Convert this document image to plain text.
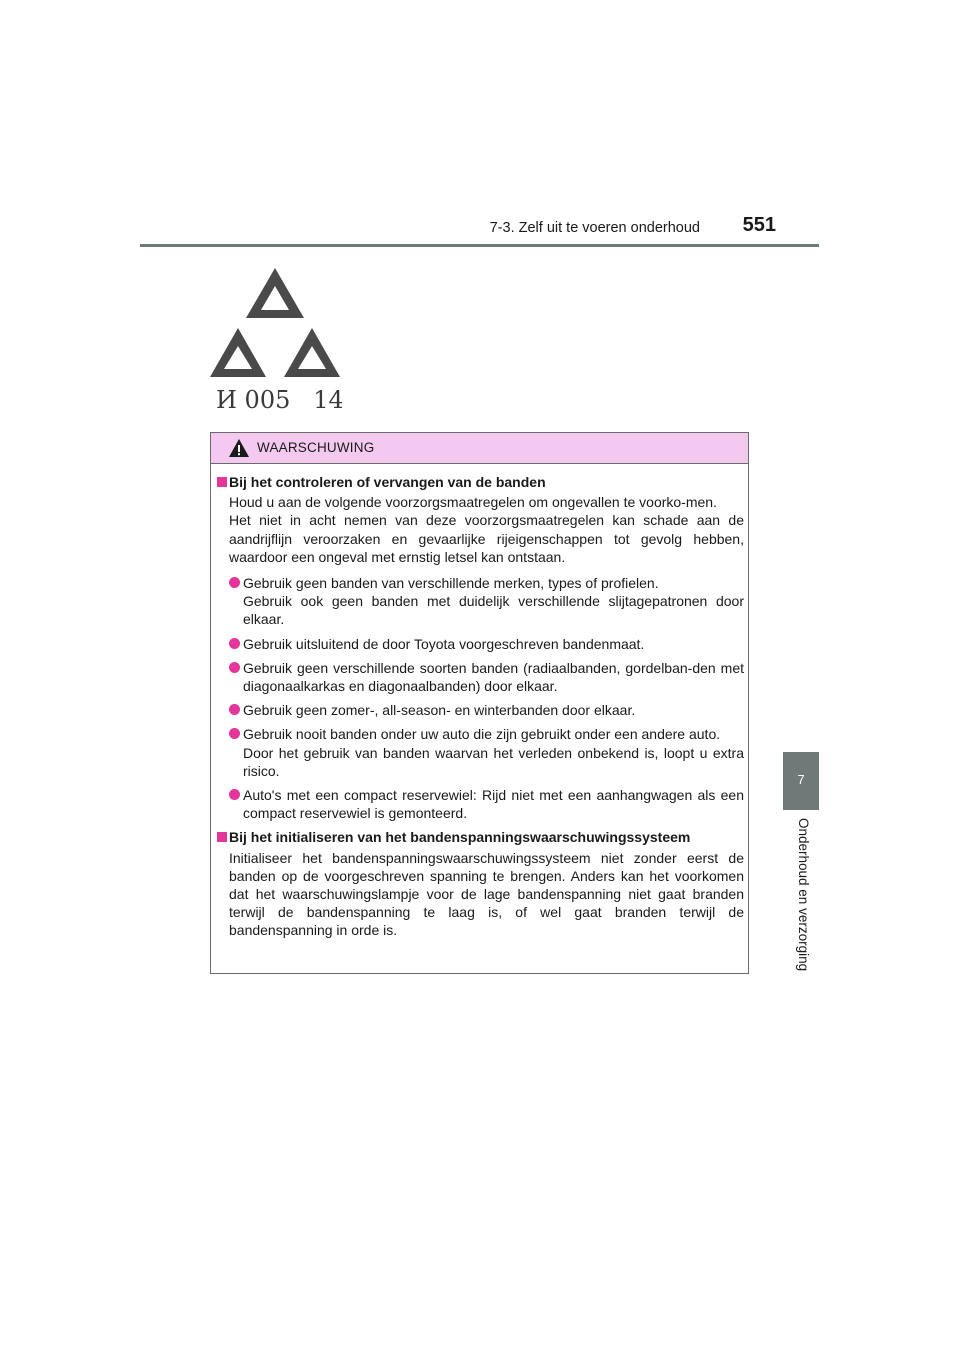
7-3. Zelf uit te voeren onderhoud	551
7
Onderhoud en verzorging
И 005   14
WAARSCHUWING
Bij het controleren of vervangen van de banden
Houd u aan de volgende voorzorgsmaatregelen om ongevallen te voorko-men.
Het niet in acht nemen van deze voorzorgsmaatregelen kan schade aan de aandrijflijn veroorzaken en gevaarlijke rijeigenschappen tot gevolg hebben, waardoor een ongeval met ernstig letsel kan ontstaan.
Gebruik geen banden van verschillende merken, types of profielen.
Gebruik ook geen banden met duidelijk verschillende slijtagepatronen door elkaar.
Gebruik uitsluitend de door Toyota voorgeschreven bandenmaat.
Gebruik geen verschillende soorten banden (radiaalbanden, gordelban-den met diagonaalkarkas en diagonaalbanden) door elkaar.
Gebruik geen zomer-, all-season- en winterbanden door elkaar.
Gebruik nooit banden onder uw auto die zijn gebruikt onder een andere auto.
Door het gebruik van banden waarvan het verleden onbekend is, loopt u extra risico.
Auto's met een compact reservewiel: Rijd niet met een aanhangwagen als een compact reservewiel is gemonteerd.
Bij het initialiseren van het bandenspanningswaarschuwingssysteem
Initialiseer het bandenspanningswaarschuwingssysteem niet zonder eerst de banden op de voorgeschreven spanning te brengen. Anders kan het voorkomen dat het waarschuwingslampje voor de lage bandenspanning niet gaat branden terwijl de bandenspanning te laag is, of wel gaat branden terwijl de bandenspanning in orde is.
